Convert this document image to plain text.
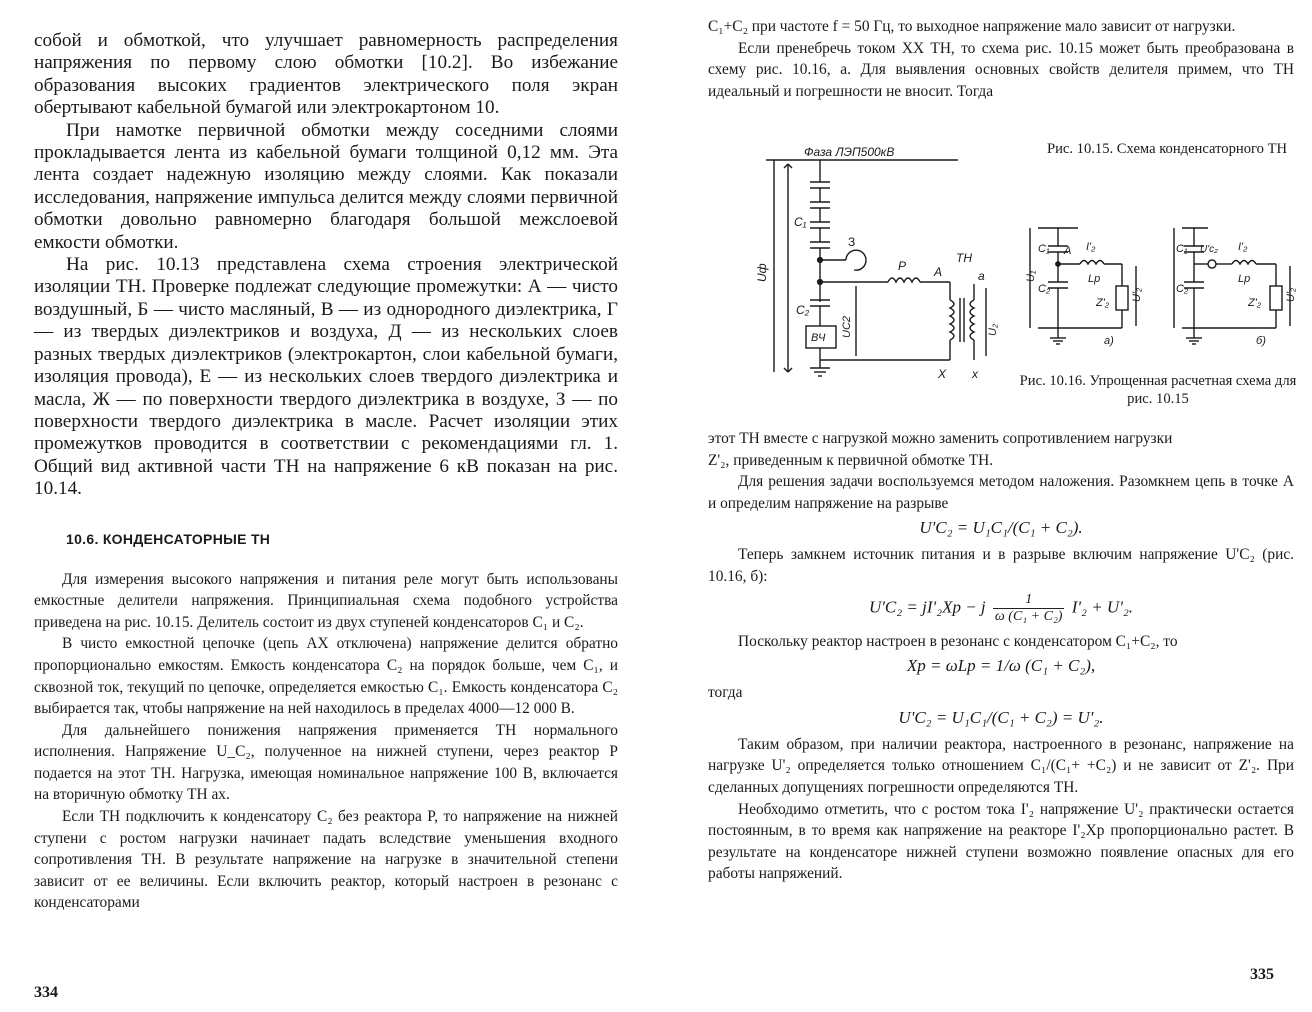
собой и обмоткой, что улучшает равномерность распределения напряжения по первому слою обмотки [10.2]. Во избежание образования высоких градиентов электрического поля экран обертывают кабельной бумагой или электрокартоном 10.

При намотке первичной обмотки между соседними слоями прокладывается лента из кабельной бумаги толщиной 0,12 мм. Эта лента создает надежную изоляцию между слоями. Как показали исследования, напряжение импульса делится между слоями первичной обмотки довольно равномерно благодаря большой межслоевой емкости обмотки.

На рис. 10.13 представлена схема строения электрической изоляции ТН. Проверке подлежат следующие промежутки: А — чисто воздушный, Б — чисто масляный, В — из однородного диэлектрика, Г — из твердых диэлектриков и воздуха, Д — из нескольких слоев разных твердых диэлектриков (электрокартон, слои кабельной бумаги, изоляция провода), Е — из нескольких слоев твердого диэлектрика и масла, Ж — по поверхности твердого диэлектрика в воздухе, З — по поверхности твердого диэлектрика в масле. Расчет изоляции этих промежутков проводится в соответствии с рекомендациями гл. 1. Общий вид активной части ТН на напряжение 6 кВ показан на рис. 10.14.

10.6. КОНДЕНСАТОРНЫЕ ТН

Для измерения высокого напряжения и питания реле могут быть использованы емкостные делители напряжения. Принципиальная схема подобного устройства приведена на рис. 10.15. Делитель состоит из двух ступеней конденсаторов C₁ и C₂.

В чисто емкостной цепочке (цепь AX отключена) напряжение делится обратно пропорционально емкостям. Емкость конденсатора C₂ на порядок больше, чем C₁, и сквозной ток, текущий по цепочке, определяется емкостью C₁. Емкость конденсатора C₂ выбирается так, чтобы напряжение на ней находилось в пределах 4000—12 000 В.

Для дальнейшего понижения напряжения применяется ТН нормального исполнения. Напряжение U_C₂, полученное на нижней ступени, через реактор P подается на этот ТН. Нагрузка, имеющая номинальное напряжение 100 В, включается на вторичную обмотку ТН ax.

Если ТН подключить к конденсатору C₂ без реактора P, то напряжение на нижней ступени с ростом нагрузки начинает падать вследствие уменьшения входного сопротивления ТН. В результате напряжение на нагрузке в значительной степени зависит от ее величины. Если включить реактор, который настроен в резонанс с конденсаторами

334

C₁+C₂ при частоте f = 50 Гц, то выходное напряжение мало зависит от нагрузки.

Если пренебречь током ХХ ТН, то схема рис. 10.15 может быть преобразована в схему рис. 10.16, а. Для выявления основных свойств делителя примем, что ТН идеальный и погрешности не вносит. Тогда

Фаза ЛЭП500кВ
Uф
C₁
З
Р А
ТН
a
U₂
X x
C₂
ВЧ UC2
U₁
C₁
C₂
А I'₂
Lр
Z'₂
U'₂
а)
C₁
C₂
U'c₂ I'₂
Lр
Z'₂
U'₂
б)
Рис. 10.15. Схема конденсаторного ТН
Рис. 10.16. Упрощенная расчетная схема для рис. 10.15

этот ТН вместе с нагрузкой можно заменить сопротивлением нагрузки

Z'₂, приведенным к первичной обмотке ТН.

Для решения задачи воспользуемся методом наложения. Разомкнем цепь в точке А и определим напряжение на разрыве

U'C₂ = U₁C₁/(C₁ + C₂).

Теперь замкнем источник питания и в разрыве включим напряжение U'C₂ (рис. 10.16, б):

U'C₂ = jI'₂Xр − j $\frac{1}{\text{ω (C₁ + C₂)}} I'_2 + U'_2$.

Поскольку реактор настроен в резонанс с конденсатором C₁+C₂, то

Xр = ωLр = 1/ω (C₁ + C₂),

тогда

U'C₂ = U₁C₁/(C₁ + C₂) = U'₂.

Таким образом, при наличии реактора, настроенного в резонанс, напряжение на нагрузке U'₂ определяется только отношением C₁/(C₁+ +C₂) и не зависит от Z'₂. При сделанных допущениях погрешности определяются ТН.

Необходимо отметить, что с ростом тока I'₂ напряжение U'₂ практически остается постоянным, в то время как напряжение на реакторе I'₂Xр пропорционально растет. В результате на конденсаторе нижней ступени возможно появление опасных для его работы напряжений.

335
